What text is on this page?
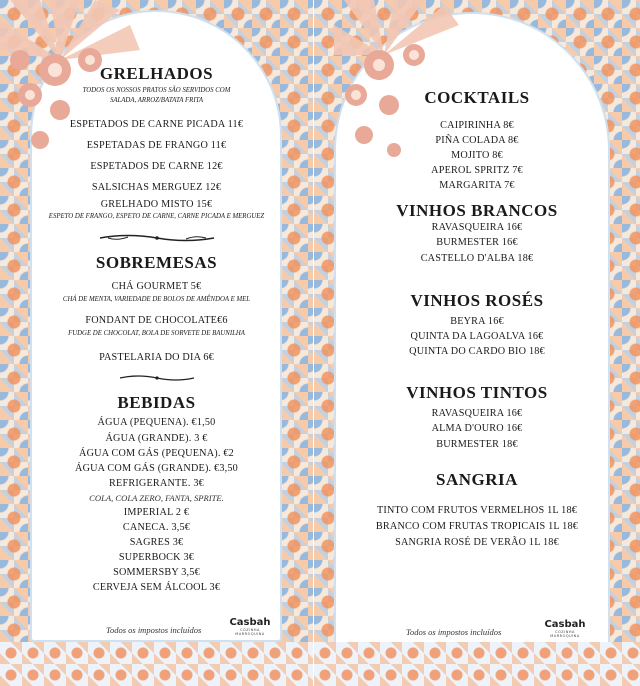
GRELHADOS
TODOS OS NOSSOS PRATOS SÃO SERVIDOS COM
SALADA, ARROZ/BATATA FRITA
ESPETADOS DE CARNE PICADA 11€
ESPETADAS DE FRANGO 11€
ESPETADOS DE CARNE 12€
SALSICHAS MERGUEZ 12€
GRELHADO MISTO 15€
ESPETO DE FRANGO, ESPETO DE CARNE, CARNE PICADA E MERGUEZ
SOBREMESAS
CHÁ GOURMET 5€
CHÁ DE MENTA, VARIEDADE DE BOLOS DE AMÊNDOA E MEL
FONDANT DE CHOCOLATE€6
FUDGE DE CHOCOLAT, BOLA DE SORVETE DE BAUNILHA
PASTELARIA DO DIA 6€
BEBIDAS
ÁGUA (PEQUENA). €1,50
ÁGUA (GRANDE). 3 €
ÁGUA COM GÁS (PEQUENA). €2
ÁGUA COM GÁS (GRANDE). €3,50
REFRIGERANTE. 3€
COLA, COLA ZERO, FANTA, SPRITE.
IMPERIAL 2 €
CANECA. 3,5€
SAGRES 3€
SUPERBOCK 3€
SOMMERSBY 3,5€
CERVEJA SEM ÁLCOOL 3€
Todos os impostos incluídos
Casbah
COZINHA MARROQUINA
COCKTAILS
CAIPIRINHA 8€
PIÑA COLADA 8€
MOJITO 8€
APEROL SPRITZ 7€
MARGARITA 7€
VINHOS BRANCOS
RAVASQUEIRA 16€
BURMESTER 16€
CASTELLO D'ALBA 18€
VINHOS ROSÉS
BEYRA 16€
QUINTA DA LAGOALVA 16€
QUINTA DO CARDO BIO 18€
VINHOS TINTOS
RAVASQUEIRA 16€
ALMA D'OURO 16€
BURMESTER 18€
SANGRIA
TINTO COM FRUTOS VERMELHOS 1L 18€
BRANCO COM FRUTAS TROPICAIS 1L 18€
SANGRIA ROSÉ DE VERÃO 1L 18€
Todos os impostos incluídos
Casbah
COZINHA MARROQUINA
